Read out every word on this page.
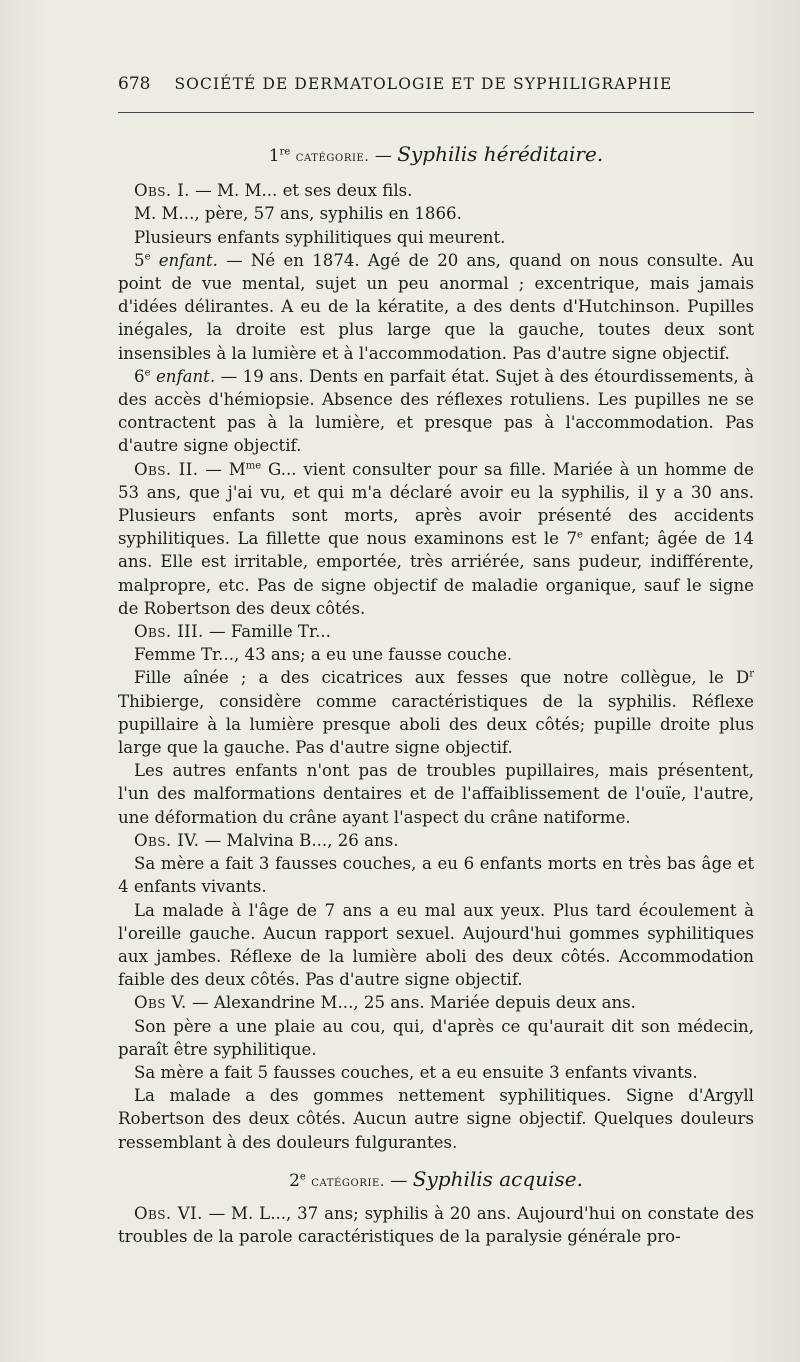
678 SOCIÉTÉ DE DERMATOLOGIE ET DE SYPHILIGRAPHIE
1re catégorie. — Syphilis héréditaire.

Obs. I. — M. M... et ses deux fils.

M. M..., père, 57 ans, syphilis en 1866.

Plusieurs enfants syphilitiques qui meurent.

5e enfant. — Né en 1874. Agé de 20 ans, quand on nous consulte. Au point de vue mental, sujet un peu anormal ; excentrique, mais jamais d'idées délirantes. A eu de la kératite, a des dents d'Hutchinson. Pupilles inégales, la droite est plus large que la gauche, toutes deux sont insensibles à la lumière et à l'accommodation. Pas d'autre signe objectif.

6e enfant. — 19 ans. Dents en parfait état. Sujet à des étourdissements, à des accès d'hémiopsie. Absence des réflexes rotuliens. Les pupilles ne se contractent pas à la lumière, et presque pas à l'accommodation. Pas d'autre signe objectif.

Obs. II. — $M^{me}$ G... vient consulter pour sa fille. Mariée à un homme de 53 ans, que j'ai vu, et qui m'a déclaré avoir eu la syphilis, il y a 30 ans. Plusieurs enfants sont morts, après avoir présenté des accidents syphilitiques. La fillette que nous examinons est le 7e enfant; âgée de 14 ans. Elle est irritable, emportée, très arriérée, sans pudeur, indifférente, malpropre, etc. Pas de signe objectif de maladie organique, sauf le signe de Robertson des deux côtés.

Obs. III. — Famille Tr...

Femme Tr..., 43 ans; a eu une fausse couche.

Fille aînée ; a des cicatrices aux fesses que notre collègue, le $D^r$ Thibierge, considère comme caractéristiques de la syphilis. Réflexe pupillaire à la lumière presque aboli des deux côtés; pupille droite plus large que la gauche. Pas d'autre signe objectif.

Les autres enfants n'ont pas de troubles pupillaires, mais présentent, l'un des malformations dentaires et de l'affaiblissement de l'ouïe, l'autre, une déformation du crâne ayant l'aspect du crâne natiforme.

Obs. IV. — Malvina B..., 26 ans.

Sa mère a fait 3 fausses couches, a eu 6 enfants morts en très bas âge et 4 enfants vivants.

La malade à l'âge de 7 ans a eu mal aux yeux. Plus tard écoulement à l'oreille gauche. Aucun rapport sexuel. Aujourd'hui gommes syphilitiques aux jambes. Réflexe de la lumière aboli des deux côtés. Accommodation faible des deux côtés. Pas d'autre signe objectif.

Obs V. — Alexandrine M..., 25 ans. Mariée depuis deux ans.

Son père a une plaie au cou, qui, d'après ce qu'aurait dit son médecin, paraît être syphilitique.

Sa mère a fait 5 fausses couches, et a eu ensuite 3 enfants vivants.

La malade a des gommes nettement syphilitiques. Signe d'Argyll Robertson des deux côtés. Aucun autre signe objectif. Quelques douleurs ressemblant à des douleurs fulgurantes.

2e catégorie. — Syphilis acquise.

Obs. VI. — M. L..., 37 ans; syphilis à 20 ans. Aujourd'hui on constate des troubles de la parole caractéristiques de la paralysie générale pro-
